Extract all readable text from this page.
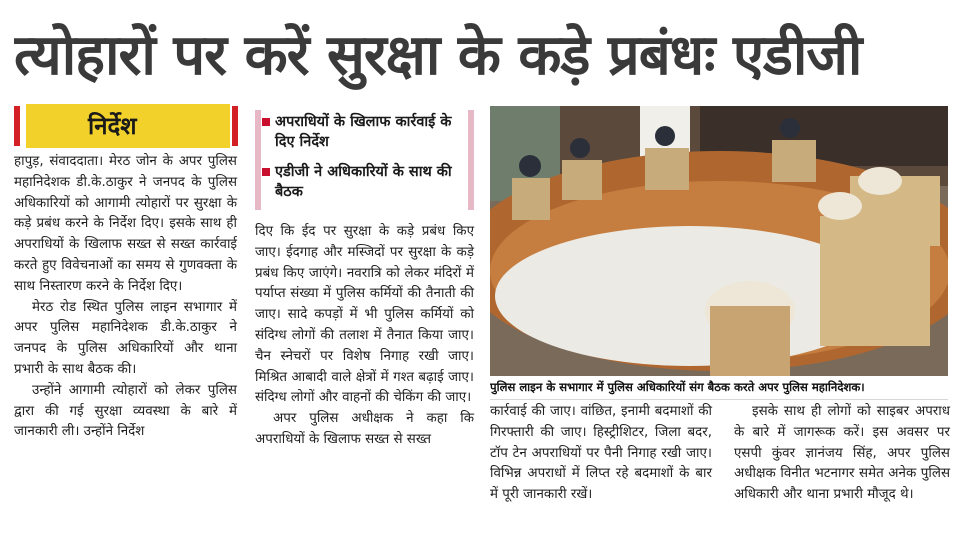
त्योहारों पर करें सुरक्षा के कड़े प्रबंधः एडीजी
निर्देश

हापुड़, संवाददाता। मेरठ जोन के अपर पुलिस महानिदेशक डी.के.ठाकुर ने जनपद के पुलिस अधिकारियों को आगामी त्योहारों पर सुरक्षा के कड़े प्रबंध करने के निर्देश दिए। इसके साथ ही अपराधियों के खिलाफ सख्त से सख्त कार्रवाई करते हुए विवेचनाओं का समय से गुणवक्ता के साथ निस्तारण करने के निर्देश दिए।

मेरठ रोड स्थित पुलिस लाइन सभागार में अपर पुलिस महानिदेशक डी.के.ठाकुर ने जनपद के पुलिस अधिकारियों और थाना प्रभारी के साथ बैठक की।

उन्होंने आगामी त्योहारों को लेकर पुलिस द्वारा की गई सुरक्षा व्यवस्था के बारे में जानकारी ली। उन्होंने निर्देश

अपराधियों के खिलाफ कार्रवाई के दिए निर्देश
एडीजी ने अधिकारियों के साथ की बैठक

दिए कि ईद पर सुरक्षा के कड़े प्रबंध किए जाए। ईदगाह और मस्जिदों पर सुरक्षा के कड़े प्रबंध किए जाएंगे। नवरात्रि को लेकर मंदिरों में पर्याप्त संख्या में पुलिस कर्मियों की तैनाती की जाए। सादे कपड़ों में भी पुलिस कर्मियों को संदिग्ध लोगों की तलाश में तैनात किया जाए। चैन स्नेचरों पर विशेष निगाह रखी जाए। मिश्रित आबादी वाले क्षेत्रों में गश्त बढ़ाई जाए। संदिग्ध लोगों और वाहनों की चेकिंग की जाए।

अपर पुलिस अधीक्षक ने कहा कि अपराधियों के खिलाफ सख्त से सख्त

पुलिस लाइन के सभागार में पुलिस अधिकारियों संग बैठक करते अपर पुलिस महानिदेशक।

कार्रवाई की जाए। वांछित, इनामी बदमाशों की गिरफ्तारी की जाए। हिस्ट्रीशिटर, जिला बदर, टॉप टेन अपराधियों पर पैनी निगाह रखी जाए। विभिन्न अपराधों में लिप्त रहे बदमाशों के बार में पूरी जानकारी रखें।

इसके साथ ही लोगों को साइबर अपराध के बारे में जागरूक करें। इस अवसर पर एसपी कुंवर ज्ञानंजय सिंह, अपर पुलिस अधीक्षक विनीत भटनागर समेत अनेक पुलिस अधिकारी और थाना प्रभारी मौजूद थे।
